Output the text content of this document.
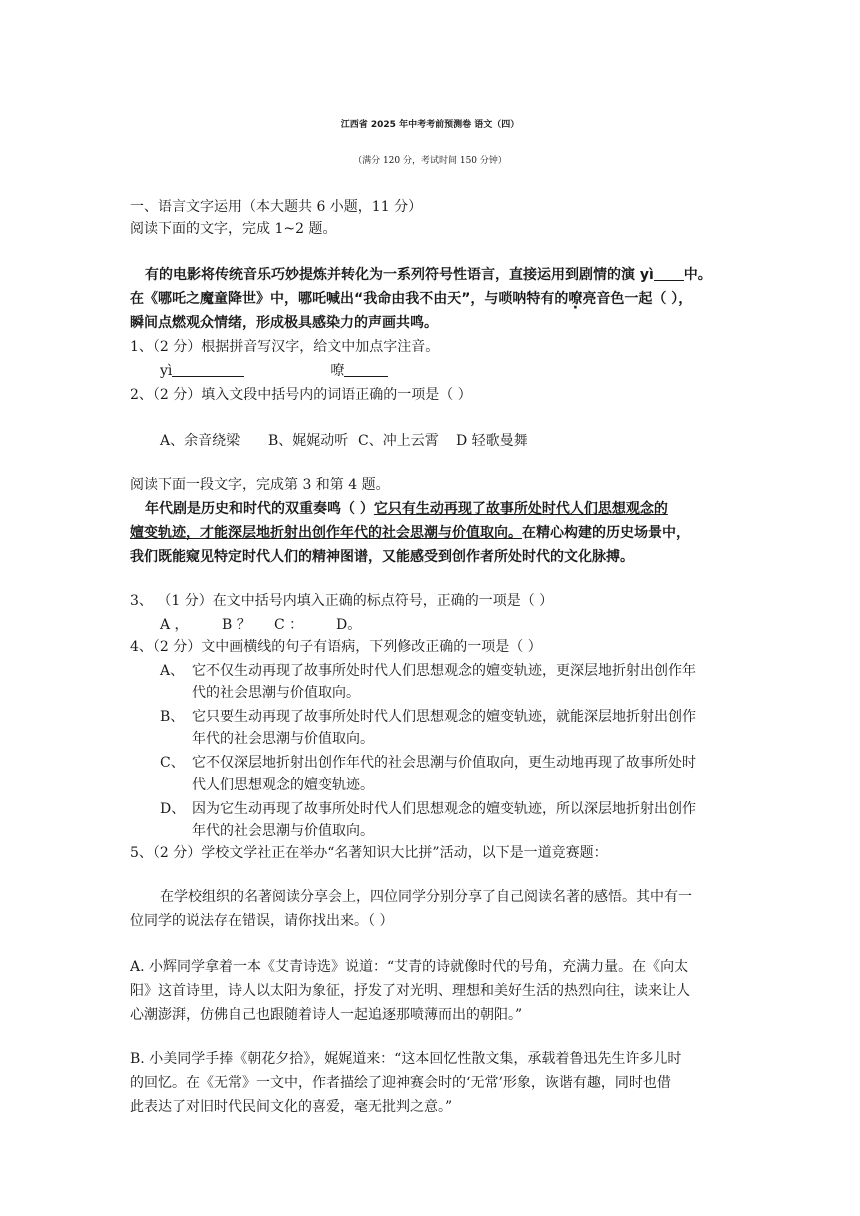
江西省 2025 年中考考前预测卷 语文（四）
（满分 120 分，考试时间 150 分钟）
一、语言文字运用（本大题共 6 小题，11 分）
阅读下面的文字，完成 1~2 题。
有的电影将传统音乐巧妙提炼并转化为一系列符号性语言，直接运用到剧情的演 yì 中。
在《哪吒之魔童降世》中，哪吒喊出“我命由我不由天”，与唢呐特有的嘹亮音色一起（ ），
瞬间点燃观众情绪，形成极具感染力的声画共鸣。
1、（2 分）根据拼音写汉字，给文中加点字注音。
yì	嘹
2、（2 分）填入文段中括号内的词语正确的一项是（ ）
A、余音绕梁 B、娓娓动听 C、冲上云霄 D 轻歌曼舞
阅读下面一段文字，完成第 3 和第 4 题。
年代剧是历史和时代的双重奏鸣（ ）它只有生动再现了故事所处时代人们思想观念的
嬗变轨迹，才能深层地折射出创作年代的社会思潮与价值取向。在精心构建的历史场景中，
我们既能窥见特定时代人们的精神图谱，又能感受到创作者所处时代的文化脉搏。
3、 （1 分）在文中括号内填入正确的标点符号，正确的一项是（ ）
A ， B ？ C ： D。
4、（2 分）文中画横线的句子有语病，下列修改正确的一项是（ ）
A、 它不仅生动再现了故事所处时代人们思想观念的嬗变轨迹，更深层地折射出创作年
代的社会思潮与价值取向。
B、 它只要生动再现了故事所处时代人们思想观念的嬗变轨迹，就能深层地折射出创作
年代的社会思潮与价值取向。
C、 它不仅深层地折射出创作年代的社会思潮与价值取向，更生动地再现了故事所处时
代人们思想观念的嬗变轨迹。
D、 因为它生动再现了故事所处时代人们思想观念的嬗变轨迹，所以深层地折射出创作
年代的社会思潮与价值取向。
5、（2 分）学校文学社正在举办“名著知识大比拼”活动，以下是一道竞赛题：
在学校组织的名著阅读分享会上，四位同学分别分享了自己阅读名著的感悟。其中有一
位同学的说法存在错误，请你找出来。（ ）
A. 小辉同学拿着一本《艾青诗选》说道：“艾青的诗就像时代的号角，充满力量。在《向太
阳》这首诗里，诗人以太阳为象征，抒发了对光明、理想和美好生活的热烈向往，读来让人
心潮澎湃，仿佛自己也跟随着诗人一起追逐那喷薄而出的朝阳。”
B. 小美同学手捧《朝花夕拾》，娓娓道来：“这本回忆性散文集，承载着鲁迅先生许多儿时
的回忆。在《无常》一文中，作者描绘了迎神赛会时的‘无常’形象，诙谐有趣，同时也借
此表达了对旧时代民间文化的喜爱，毫无批判之意。”
